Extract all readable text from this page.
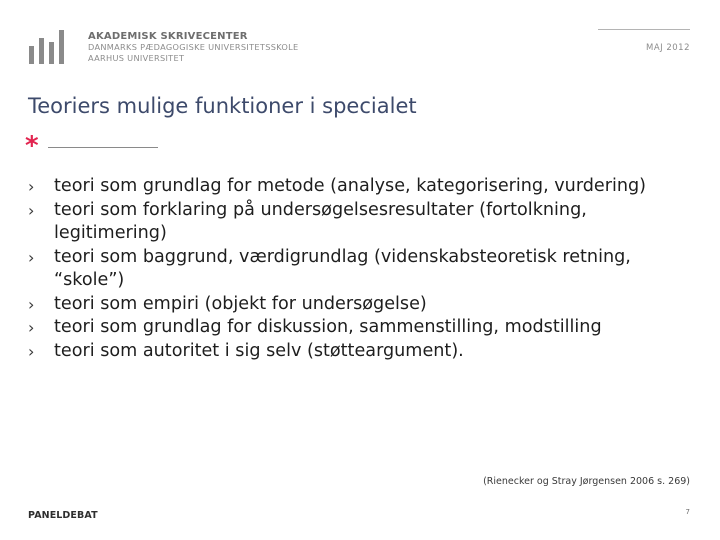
AKADEMISK SKRIVECENTER
DANMARKS PÆDAGOGISKE UNIVERSITETSSKOLE
AARHUS UNIVERSITET
MAJ 2012
Teoriers mulige funktioner i specialet
*
› teori som grundlag for metode (analyse, kategorisering, vurdering)
› teori som forklaring på undersøgelsesresultater (fortolkning, legitimering)
› teori som baggrund, værdigrundlag (videnskabsteoretisk retning, “skole”)
› teori som empiri (objekt for undersøgelse)
› teori som grundlag for diskussion, sammenstilling, modstilling
› teori som autoritet i sig selv (støtteargument).
(Rienecker og Stray Jørgensen 2006 s. 269)
PANELDEBAT	7
